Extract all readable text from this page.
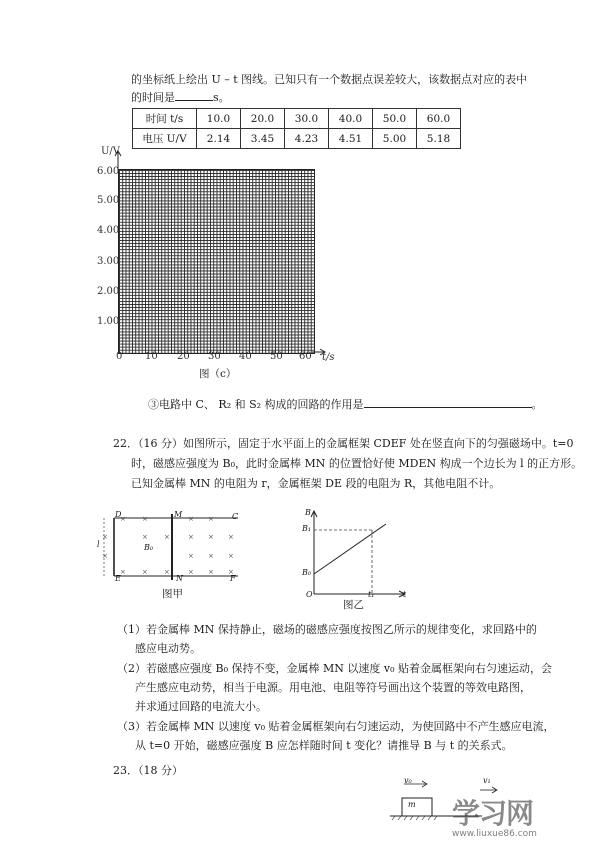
的坐标纸上绘出 U – t 图线。已知只有一个数据点误差较大，该数据点对应的表中
的时间是	s。
时间 t/s	10.0	20.0	30.0	40.0	50.0	60.0
电压 U/V	2.14	3.45	4.23	4.51	5.00	5.18
U/V
6.00
5.00
4.00
3.00
2.00
1.00
0 10 20 30 40 50 60 t/s
图（c）
③电路中 C、 R₂ 和 S₂ 构成的回路的作用是	。
22．（16 分）如图所示，固定于水平面上的金属框架 CDEF 处在竖直向下的匀强磁场中。t=0
时，磁感应强度为 B₀，此时金属棒 MN 的位置恰好使 MDEN 构成一个边长为 l 的正方形。
已知金属棒 MN 的电阻为 r，金属框架 DE 段的电阻为 R，其他电阻不计。
× ×	× ×
×	× ×	× × ×
×	× × ×
× × ×	× × ×
D	M	C
E	N	F
B₀
l
图甲
B
B₁
B₀
O	t₁	t
图乙
（1）若金属棒 MN 保持静止，磁场的磁感应强度按图乙所示的规律变化，求回路中的
感应电动势。
（2）若磁感应强度 B₀ 保持不变，金属棒 MN 以速度 v₀ 贴着金属框架向右匀速运动，会
产生感应电动势，相当于电源。用电池、电阻等符号画出这个装置的等效电路图，
并求通过回路的电流大小。
（3）若金属棒 MN 以速度 v₀ 贴着金属框架向右匀速运动，为使回路中不产生感应电流，
从 t=0 开始，磁感应强度 B 应怎样随时间 t 变化？请推导 B 与 t 的关系式。
23．（18 分）
v₀
m
v₁
学习网
www.liuxue86.com
